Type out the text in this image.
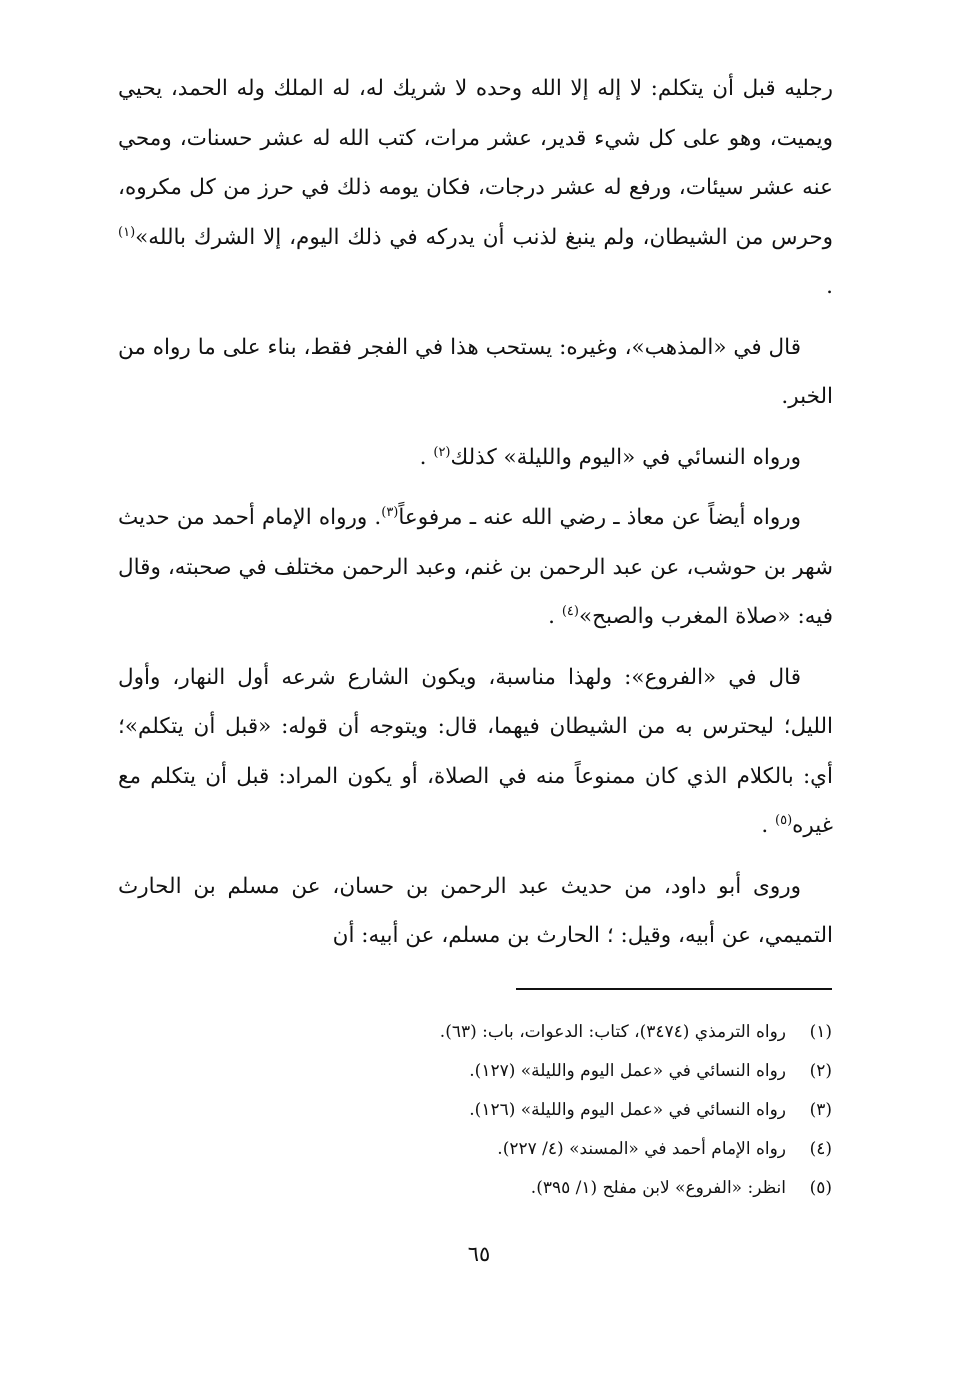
رجليه قبل أن يتكلم: لا إله إلا الله وحده لا شريك له، له الملك وله الحمد، يحيي ويميت، وهو على كل شيء قدير، عشر مرات، كتب الله له عشر حسنات، ومحي عنه عشر سيئات، ورفع له عشر درجات، فكان يومه ذلك في حرز من كل مكروه، وحرس من الشيطان، ولم ينبغ لذنب أن يدركه في ذلك اليوم، إلا الشرك بالله»$^{(١)}$ .

قال في «المذهب»، وغيره: يستحب هذا في الفجر فقط، بناء على ما رواه من الخبر.

ورواه النسائي في «اليوم والليلة» كذلك$^{(٢)}$ .

ورواه أيضاً عن معاذ ـ رضي الله عنه ـ مرفوعاً$^{(٣)}$. ورواه الإمام أحمد من حديث شهر بن حوشب، عن عبد الرحمن بن غنم، وعبد الرحمن مختلف في صحبته، وقال فيه: «صلاة المغرب والصبح»$^{(٤)}$ .

قال في «الفروع»: ولهذا مناسبة، ويكون الشارع شرعه أول النهار، وأول الليل؛ ليحترس به من الشيطان فيهما، قال: ويتوجه أن قوله: «قبل أن يتكلم»؛ أي: بالكلام الذي كان ممنوعاً منه في الصلاة، أو يكون المراد: قبل أن يتكلم مع غيره$^{(٥)}$ .

وروى أبو داود، من حديث عبد الرحمن بن حسان، عن مسلم بن الحارث التميمي، عن أبيه، وقيل: ؛ الحارث بن مسلم، عن أبيه: أن

(١)
رواه الترمذي (٣٤٧٤)، كتاب: الدعوات، باب: (٦٣).
(٢)
رواه النسائي في «عمل اليوم والليلة» (١٢٧).
(٣)
رواه النسائي في «عمل اليوم والليلة» (١٢٦).
(٤)
رواه الإمام أحمد في «المسند» (٤/ ٢٢٧).
(٥)
انظر: «الفروع» لابن مفلح (١/ ٣٩٥).
٦٥
